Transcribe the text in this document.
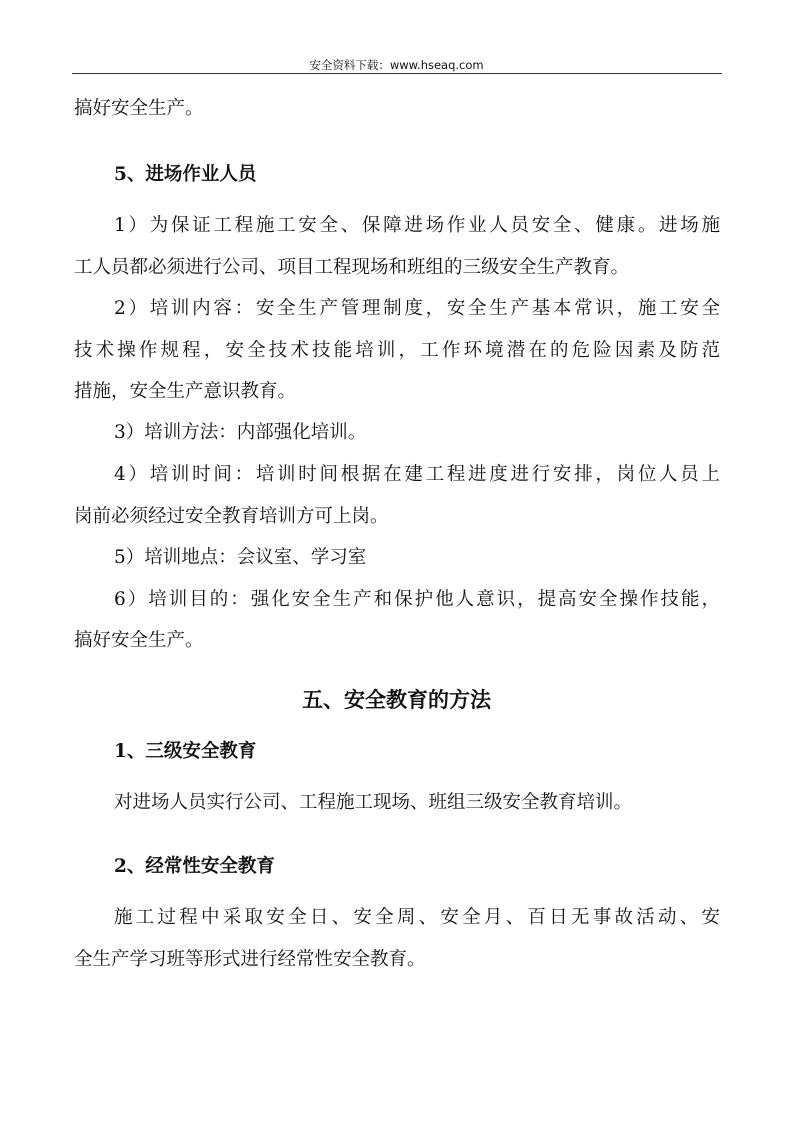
安全资料下载：www.hseaq.com
搞好安全生产。
5、进场作业人员
1）为保证工程施工安全、保障进场作业人员安全、健康。进场施
工人员都必须进行公司、项目工程现场和班组的三级安全生产教育。
2）培训内容：安全生产管理制度，安全生产基本常识，施工安全
技术操作规程，安全技术技能培训，工作环境潜在的危险因素及防范
措施，安全生产意识教育。
3）培训方法：内部强化培训。
4）培训时间：培训时间根据在建工程进度进行安排，岗位人员上
岗前必须经过安全教育培训方可上岗。
5）培训地点：会议室、学习室
6）培训目的：强化安全生产和保护他人意识，提高安全操作技能，
搞好安全生产。
五、安全教育的方法
1、三级安全教育
对进场人员实行公司、工程施工现场、班组三级安全教育培训。
2、经常性安全教育
施工过程中采取安全日、安全周、安全月、百日无事故活动、安
全生产学习班等形式进行经常性安全教育。
